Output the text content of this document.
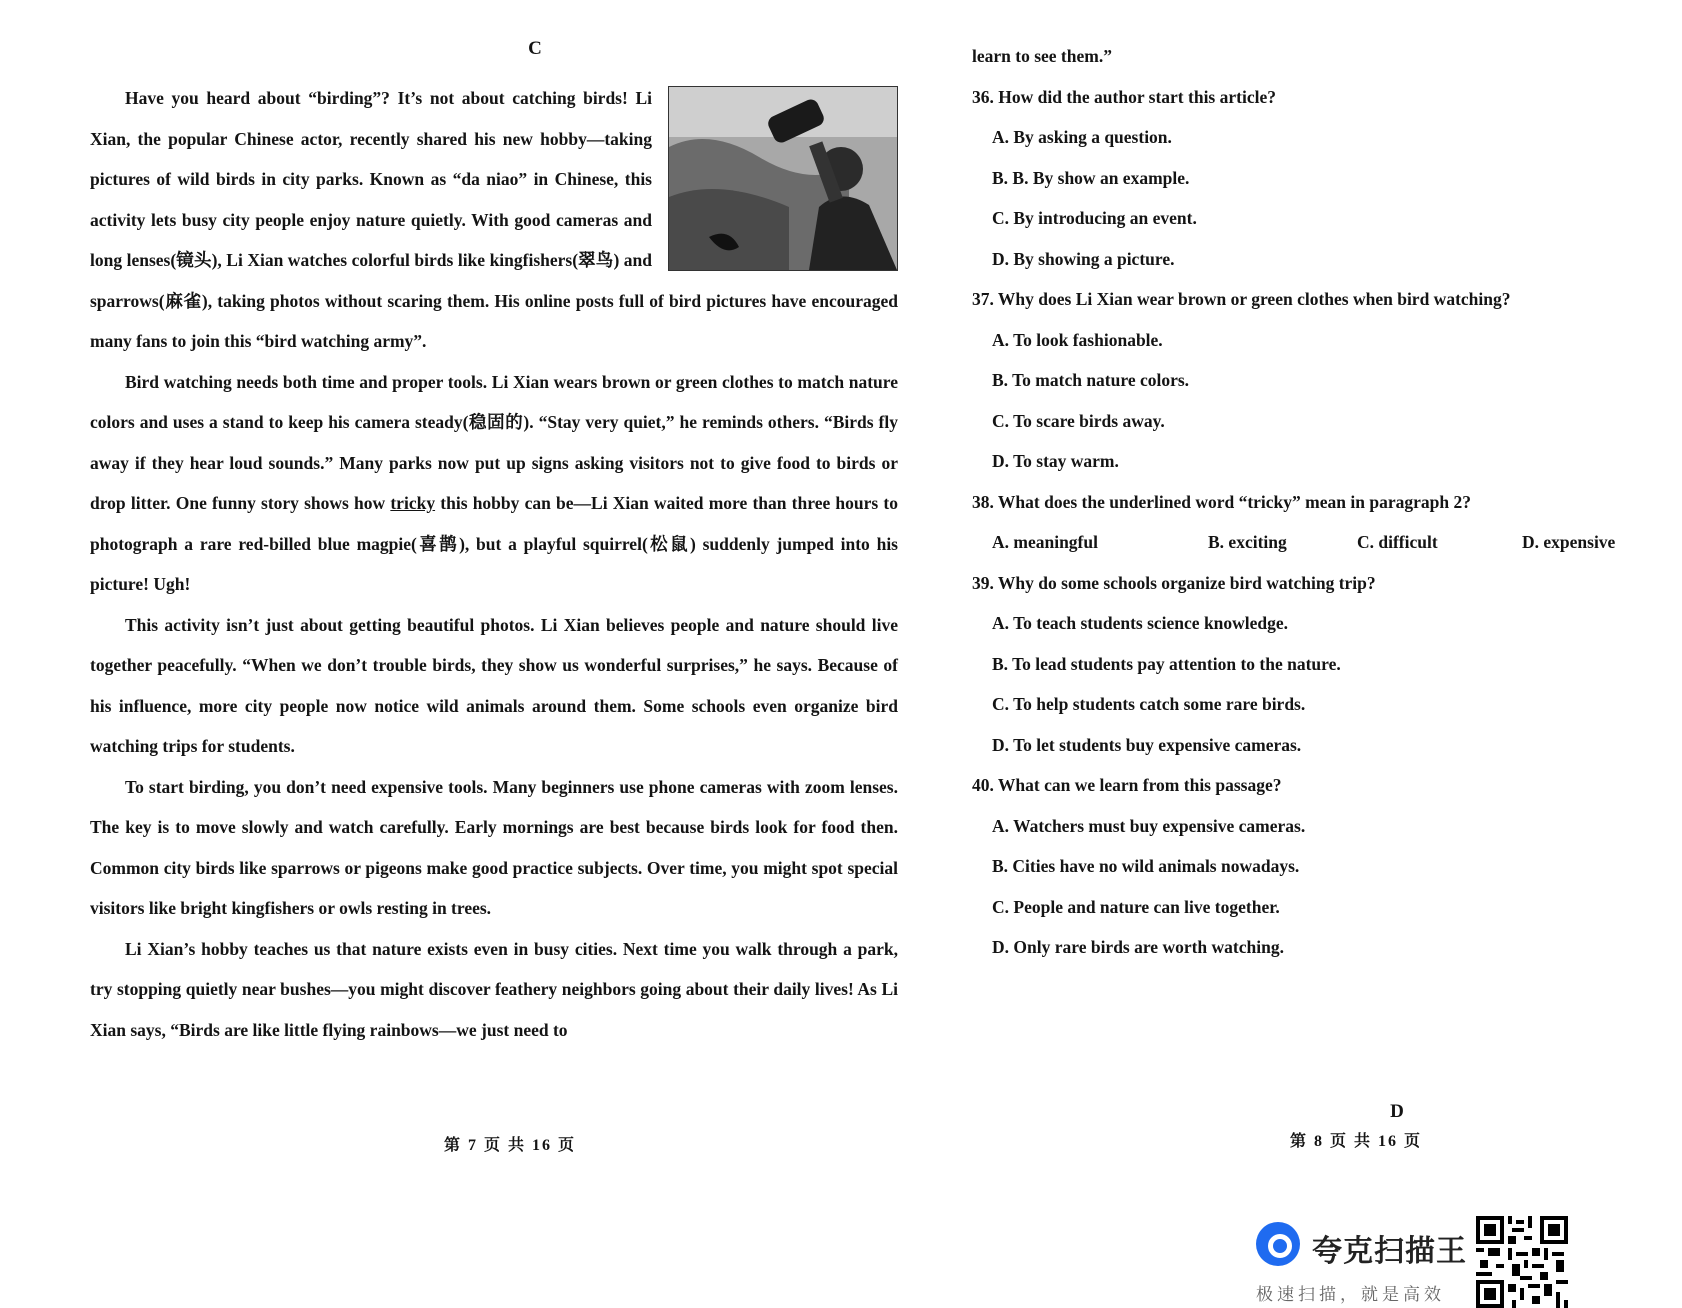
C

Have you heard about “birding”? It’s not about catching birds! Li Xian, the popular Chinese actor, recently shared his new hobby—taking pictures of wild birds in city parks. Known as “da niao” in Chinese, this activity lets busy city people enjoy nature quietly. With good cameras and long lenses(镜头), Li Xian watches colorful birds like kingfishers(翠鸟) and sparrows(麻雀), taking photos without scaring them. His online posts full of bird pictures have encouraged many fans to join this “bird watching army”.

Bird watching needs both time and proper tools. Li Xian wears brown or green clothes to match nature colors and uses a stand to keep his camera steady(稳固的). “Stay very quiet,” he reminds others. “Birds fly away if they hear loud sounds.” Many parks now put up signs asking visitors not to give food to birds or drop litter. One funny story shows how tricky this hobby can be—Li Xian waited more than three hours to photograph a rare red-billed blue magpie(喜鹊), but a playful squirrel(松鼠) suddenly jumped into his picture! Ugh!

This activity isn’t just about getting beautiful photos. Li Xian believes people and nature should live together peacefully. “When we don’t trouble birds, they show us wonderful surprises,” he says. Because of his influence, more city people now notice wild animals around them. Some schools even organize bird watching trips for students.

To start birding, you don’t need expensive tools. Many beginners use phone cameras with zoom lenses. The key is to move slowly and watch carefully. Early mornings are best because birds look for food then. Common city birds like sparrows or pigeons make good practice subjects. Over time, you might spot special visitors like bright kingfishers or owls resting in trees.

Li Xian’s hobby teaches us that nature exists even in busy cities. Next time you walk through a park, try stopping quietly near bushes—you might discover feathery neighbors going about their daily lives! As Li Xian says, “Birds are like little flying rainbows—we just need to

第 7 页 共 16 页
learn to see them.”
36. How did the author start this article?
A. By asking a question.
B. B. By show an example.
C. By introducing an event.
D. By showing a picture.
37. Why does Li Xian wear brown or green clothes when bird watching?
A. To look fashionable.
B. To match nature colors.
C. To scare birds away.
D. To stay warm.
38. What does the underlined word “tricky” mean in paragraph 2?
A. meaningful	B. exciting	C. difficult	D. expensive
39. Why do some schools organize bird watching trip?
A. To teach students science knowledge.
B. To lead students pay attention to the nature.
C. To help students catch some rare birds.
D. To let students buy expensive cameras.
40. What can we learn from this passage?
A. Watchers must buy expensive cameras.
B. Cities have no wild animals nowadays.
C. People and nature can live together.
D. Only rare birds are worth watching.
D
第 8 页 共 16 页
夸克扫描王
极速扫描，就是高效
